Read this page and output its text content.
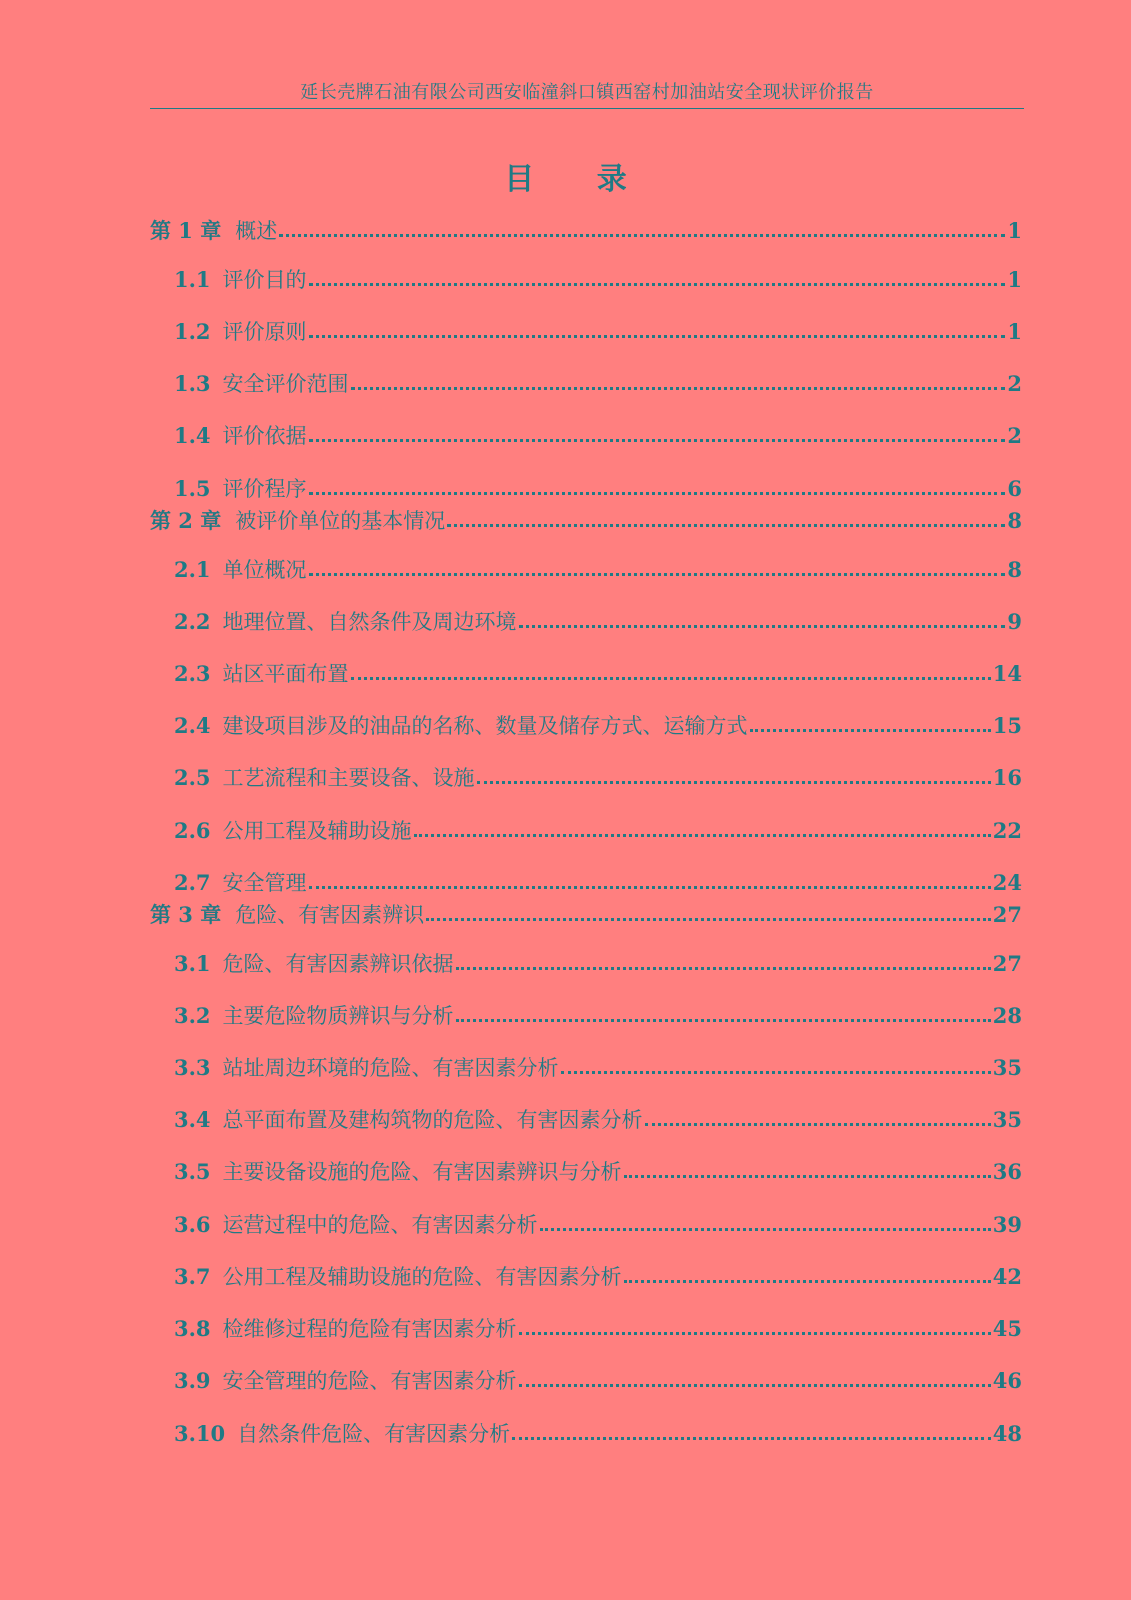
延长壳牌石油有限公司西安临潼斜口镇西窑村加油站安全现状评价报告
目 录
第 1 章 概述	1
1.1 评价目的	1
1.2 评价原则	1
1.3 安全评价范围	2
1.4 评价依据	2
1.5 评价程序	6
第 2 章 被评价单位的基本情况	8
2.1 单位概况	8
2.2 地理位置、自然条件及周边环境	9
2.3 站区平面布置	14
2.4 建设项目涉及的油品的名称、数量及储存方式、运输方式	15
2.5 工艺流程和主要设备、设施	16
2.6 公用工程及辅助设施	22
2.7 安全管理	24
第 3 章 危险、有害因素辨识	27
3.1 危险、有害因素辨识依据	27
3.2 主要危险物质辨识与分析	28
3.3 站址周边环境的危险、有害因素分析	35
3.4 总平面布置及建构筑物的危险、有害因素分析	35
3.5 主要设备设施的危险、有害因素辨识与分析	36
3.6 运营过程中的危险、有害因素分析	39
3.7 公用工程及辅助设施的危险、有害因素分析	42
3.8 检维修过程的危险有害因素分析	45
3.9 安全管理的危险、有害因素分析	46
3.10 自然条件危险、有害因素分析	48
